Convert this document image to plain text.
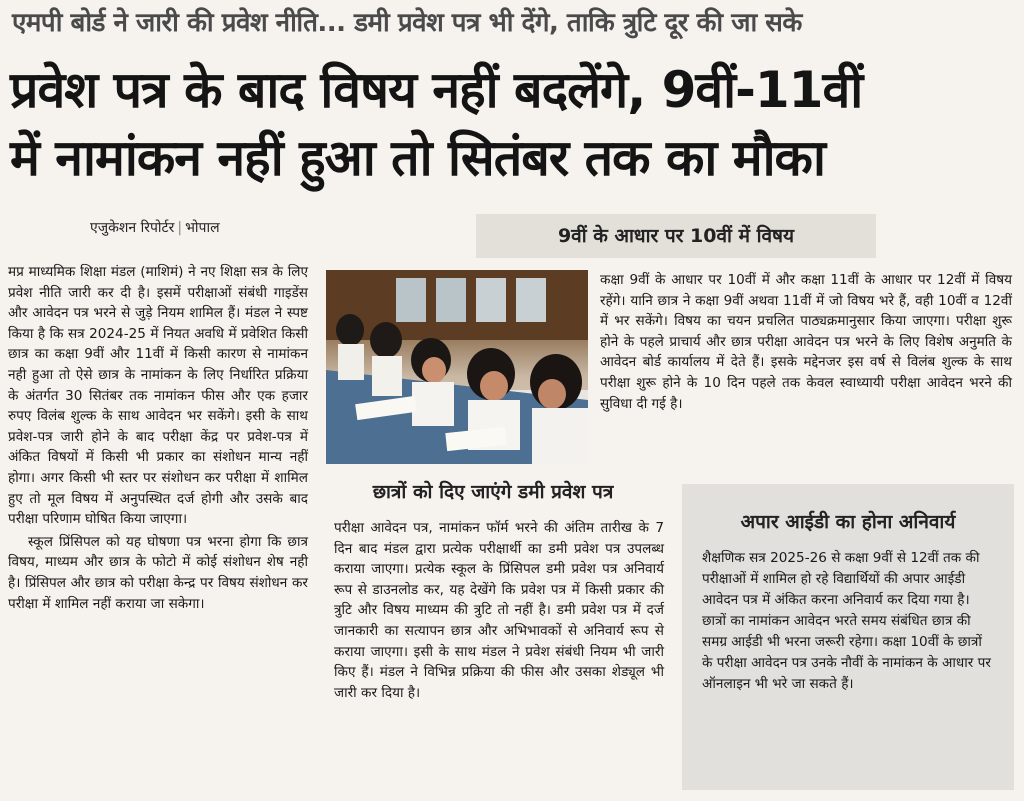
एमपी बोर्ड ने जारी की प्रवेश नीति... डमी प्रवेश पत्र भी देंगे, ताकि त्रुटि दूर की जा सके
प्रवेश पत्र के बाद विषय नहीं बदलेंगे, 9वीं-11वीं
में नामांकन नहीं हुआ तो सितंबर तक का मौका
एजुकेशन रिपोर्टर | भोपाल

मप्र माध्यमिक शिक्षा मंडल (माशिमं) ने नए शिक्षा सत्र के लिए प्रवेश नीति जारी कर दी है। इसमें परीक्षाओं संबंधी गाइडेंस और आवेदन पत्र भरने से जुड़े नियम शामिल हैं। मंडल ने स्पष्ट किया है कि सत्र 2024-25 में नियत अवधि में प्रवेशित किसी छात्र का कक्षा 9वीं और 11वीं में किसी कारण से नामांकन नही हुआ तो ऐसे छात्र के नामांकन के लिए निर्धारित प्रक्रिया के अंतर्गत 30 सितंबर तक नामांकन फीस और एक हजार रुपए विलंब शुल्क के साथ आवेदन भर सकेंगे। इसी के साथ प्रवेश-पत्र जारी होने के बाद परीक्षा केंद्र पर प्रवेश-पत्र में अंकित विषयों में किसी भी प्रकार का संशोधन मान्य नहीं होगा। अगर किसी भी स्तर पर संशोधन कर परीक्षा में शामिल हुए तो मूल विषय में अनुपस्थित दर्ज होगी और उसके बाद परीक्षा परिणाम घोषित किया जाएगा।

स्कूल प्रिंसिपल को यह घोषणा पत्र भरना होगा कि छात्र विषय, माध्यम और छात्र के फोटो में कोई संशोधन शेष नही है। प्रिंसिपल और छात्र को परीक्षा केन्द्र पर विषय संशोधन कर परीक्षा में शामिल नहीं कराया जा सकेगा।

9वीं के आधार पर 10वीं में विषय

कक्षा 9वीं के आधार पर 10वीं में और कक्षा 11वीं के आधार पर 12वीं में विषय रहेंगे। यानि छात्र ने कक्षा 9वीं अथवा 11वीं में जो विषय भरे हैं, वही 10वीं व 12वीं में भर सकेंगे। विषय का चयन प्रचलित पाठ्यक्रमानुसार किया जाएगा। परीक्षा शुरू होने के पहले प्राचार्य और छात्र परीक्षा आवेदन पत्र भरने के लिए विशेष अनुमति के आवेदन बोर्ड कार्यालय में देते हैं। इसके मद्देनजर इस वर्ष से विलंब शुल्क के साथ परीक्षा शुरू होने के 10 दिन पहले तक केवल स्वाध्यायी परीक्षा आवेदन भरने की सुविधा दी गई है।

छात्रों को दिए जाएंगे डमी प्रवेश पत्र

परीक्षा आवेदन पत्र, नामांकन फॉर्म भरने की अंतिम तारीख के 7 दिन बाद मंडल द्वारा प्रत्येक परीक्षार्थी का डमी प्रवेश पत्र उपलब्ध कराया जाएगा। प्रत्येक स्कूल के प्रिंसिपल डमी प्रवेश पत्र अनिवार्य रूप से डाउनलोड कर, यह देखेंगे कि प्रवेश पत्र में किसी प्रकार की त्रुटि और विषय माध्यम की त्रुटि तो नहीं है। डमी प्रवेश पत्र में दर्ज जानकारी का सत्यापन छात्र और अभिभावकों से अनिवार्य रूप से कराया जाएगा। इसी के साथ मंडल ने प्रवेश संबंधी नियम भी जारी किए हैं। मंडल ने विभिन्न प्रक्रिया की फीस और उसका शेड्यूल भी जारी कर दिया है।

अपार आईडी का होना अनिवार्य

शैक्षणिक सत्र 2025-26 से कक्षा 9वीं से 12वीं तक की परीक्षाओं में शामिल हो रहे विद्यार्थियों की अपार आईडी आवेदन पत्र में अंकित करना अनिवार्य कर दिया गया है। छात्रों का नामांकन आवेदन भरते समय संबंधित छात्र की समग्र आईडी भी भरना जरूरी रहेगा। कक्षा 10वीं के छात्रों के परीक्षा आवेदन पत्र उनके नौवीं के नामांकन के आधार पर ऑनलाइन भी भरे जा सकते हैं।
